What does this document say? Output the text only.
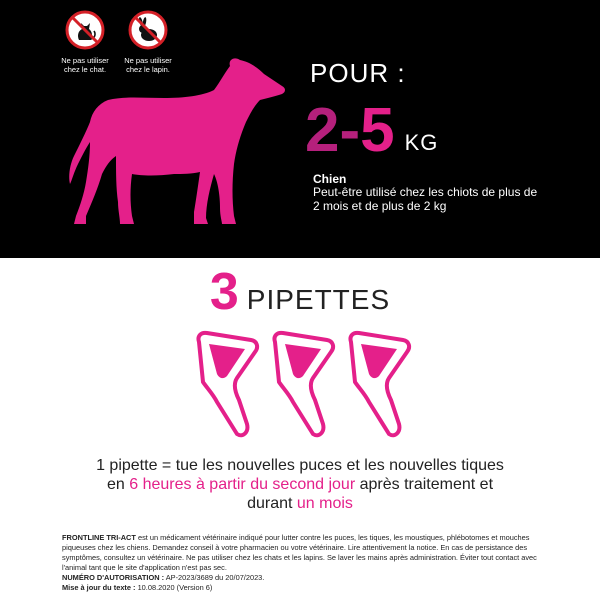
Ne pas utiliser
chez le chat.
Ne pas utiliser
chez le lapin.	POUR :
2 - 5 KG
Chien
Peut-être utilisé chez les chiots de plus de 2 mois et de plus de 2 kg
3 PIPETTES
1 pipette = tue les nouvelles puces et les nouvelles tiques
en 6 heures à partir du second jour après traitement et
durant un mois
FRONTLINE TRI-ACT est un médicament vétérinaire indiqué pour lutter contre les puces, les tiques, les moustiques, phlébotomes et mouches piqueuses chez les chiens. Demandez conseil à votre pharmacien ou votre vétérinaire. Lire attentivement la notice. En cas de persistance des symptômes, consultez un vétérinaire. Ne pas utiliser chez les chats et les lapins. Se laver les mains après administration. Éviter tout contact avec l'animal tant que le site d'application n'est pas sec.
NUMÉRO D'AUTORISATION : AP-2023/3689 du 20/07/2023.
Mise à jour du texte : 10.08.2020 (Version 6)
